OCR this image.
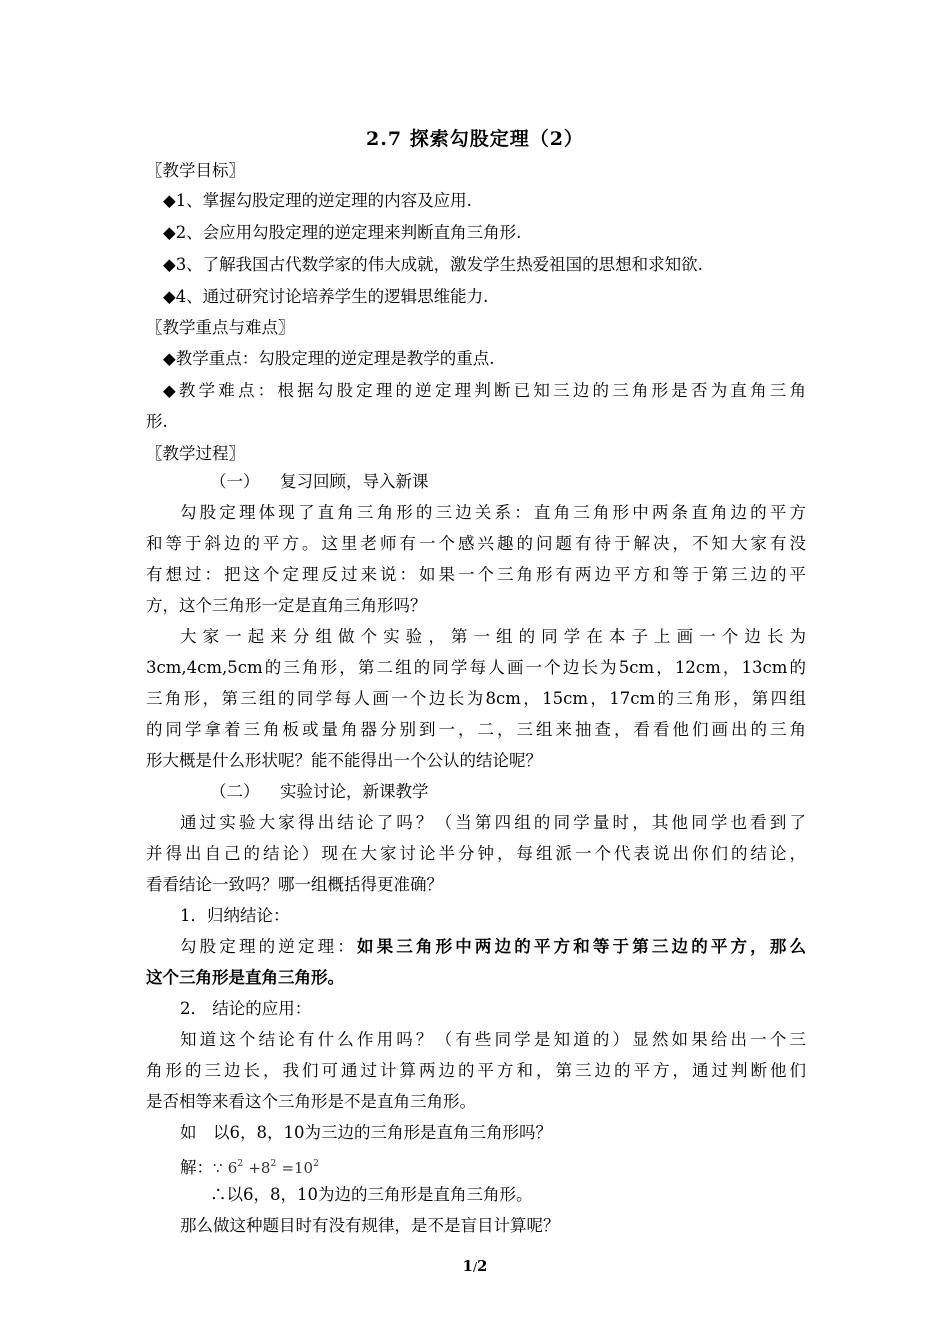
2.7 探索勾股定理（2）
〖教学目标〗
◆1、掌握勾股定理的逆定理的内容及应用.
◆2、会应用勾股定理的逆定理来判断直角三角形.
◆3、了解我国古代数学家的伟大成就，激发学生热爱祖国的思想和求知欲.
◆4、通过研究讨论培养学生的逻辑思维能力.
〖教学重点与难点〗
◆教学重点：勾股定理的逆定理是教学的重点.
◆教学难点：根据勾股定理的逆定理判断已知三边的三角形是否为直角三角
形.
〖教学过程〗
（一）	复习回顾，导入新课
勾股定理体现了直角三角形的三边关系：直角三角形中两条直角边的平方
和等于斜边的平方。这里老师有一个感兴趣的问题有待于解决，不知大家有没
有想过：把这个定理反过来说：如果一个三角形有两边平方和等于第三边的平
方，这个三角形一定是直角三角形吗？
大家一起来分组做个实验，第一组的同学在本子上画一个边长为
3cm,4cm,5cm的三角形，第二组的同学每人画一个边长为5cm，12cm，13cm的
三角形，第三组的同学每人画一个边长为8cm，15cm，17cm的三角形，第四组
的同学拿着三角板或量角器分别到一，二，三组来抽查，看看他们画出的三角
形大概是什么形状呢？能不能得出一个公认的结论呢？
（二）	实验讨论，新课教学
通过实验大家得出结论了吗？（当第四组的同学量时，其他同学也看到了
并得出自己的结论）现在大家讨论半分钟，每组派一个代表说出你们的结论，
看看结论一致吗？哪一组概括得更准确？
1．归纳结论：
勾股定理的逆定理：如果三角形中两边的平方和等于第三边的平方，那么
这个三角形是直角三角形。
2． 结论的应用：
知道这个结论有什么作用吗？（有些同学是知道的）显然如果给出一个三
角形的三边长，我们可通过计算两边的平方和，第三边的平方，通过判断他们
是否相等来看这个三角形是不是直角三角形。
如　以6，8，10为三边的三角形是直角三角形吗？
解：∵ $6^2 +8^2 =10^2$
∴以6，8，10为边的三角形是直角三角形。
那么做这种题目时有没有规律，是不是盲目计算呢？
1/2
